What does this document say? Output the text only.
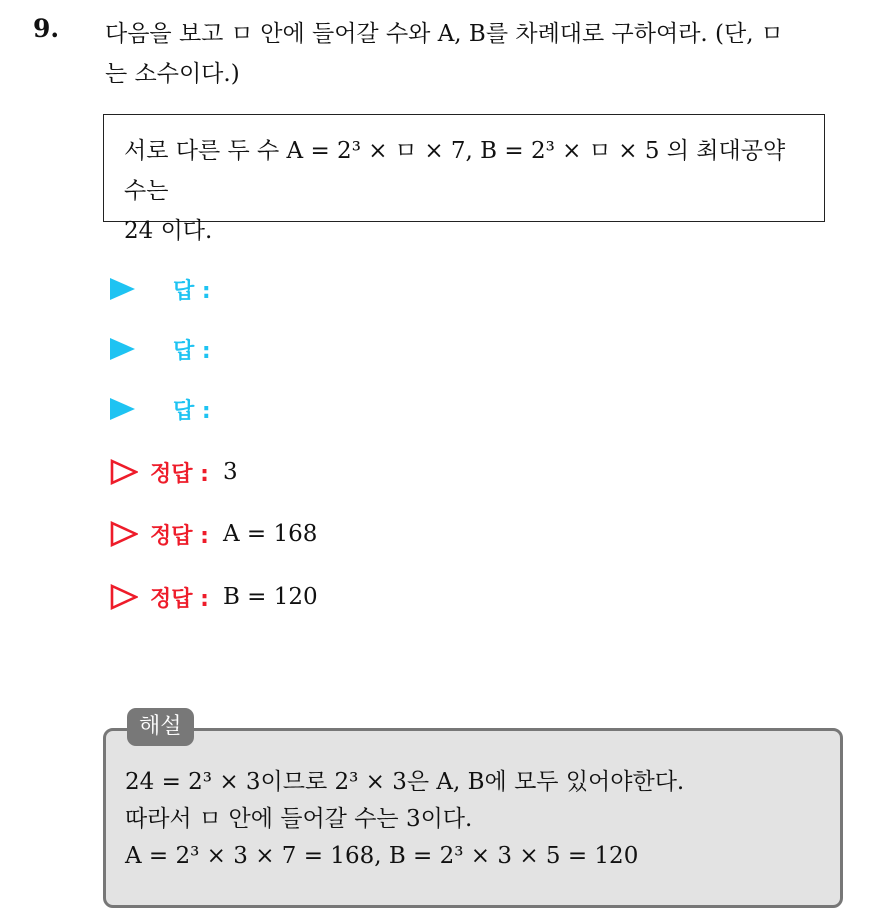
9. 다음을 보고 ㅁ 안에 들어갈 수와 A, B를 차례대로 구하여라. (단, ㅁ
는 소수이다.)
서로 다른 두 수 A = 2³ × ㅁ × 7, B = 2³ × ㅁ × 5 의 최대공약수는
24 이다.
답 :
답 :
답 :
정답 : 3
정답 : A = 168
정답 : B = 120
해설
24 = 2³ × 3이므로 2³ × 3은 A, B에 모두 있어야한다.
따라서 ㅁ 안에 들어갈 수는 3이다.
A = 2³ × 3 × 7 = 168, B = 2³ × 3 × 5 = 120
